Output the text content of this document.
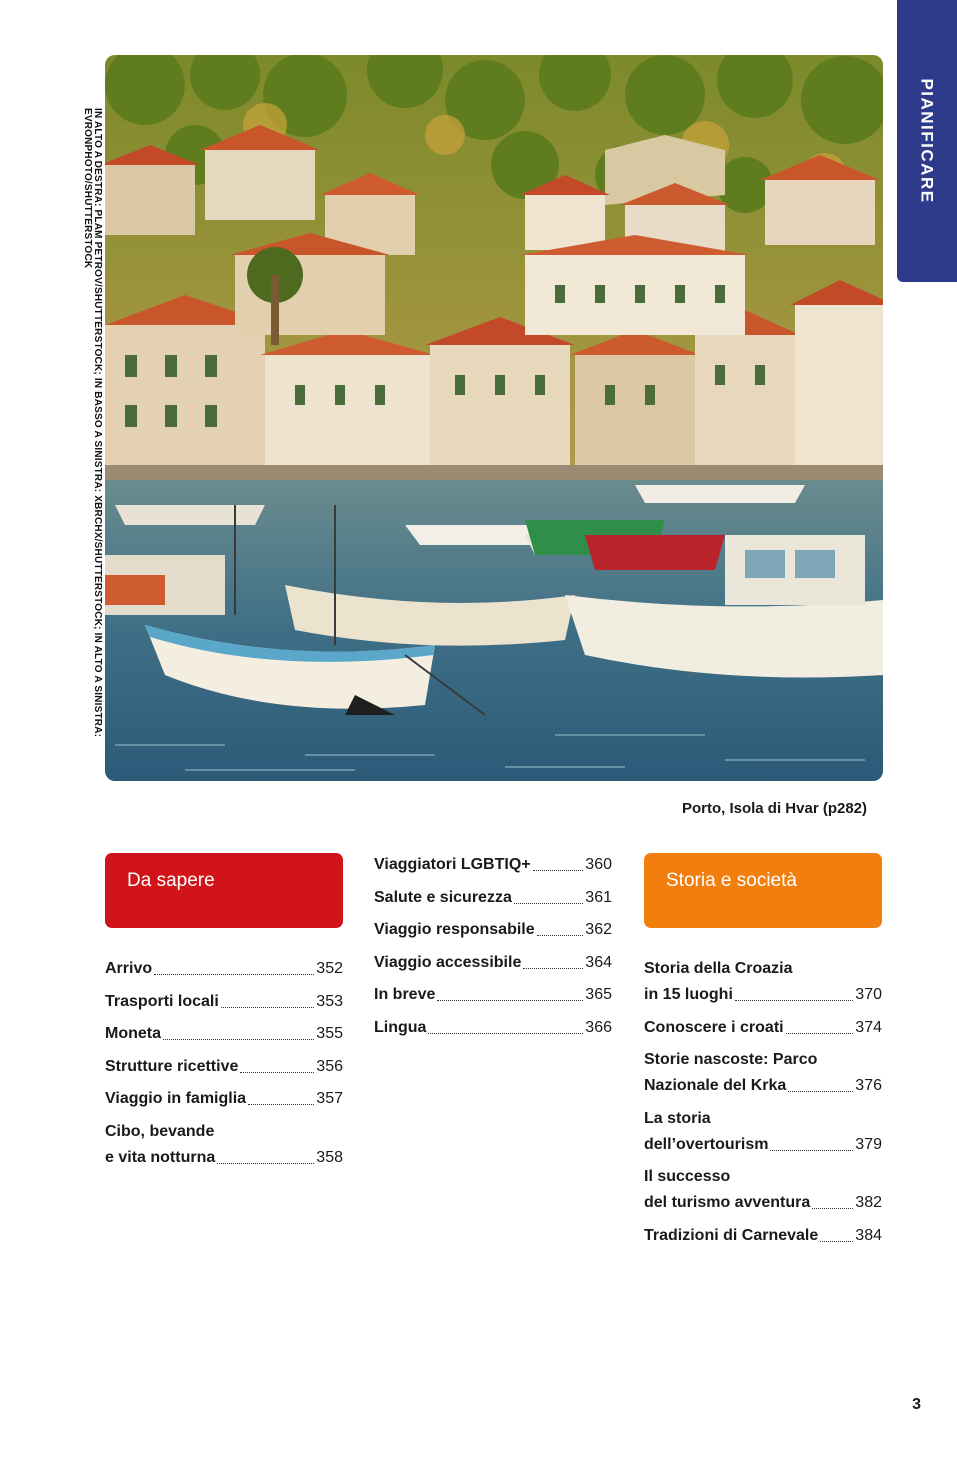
PIANIFICARE
IN ALTO A DESTRA: PLAM PETROV/SHUTTERSTOCK; IN BASSO A SINISTRA: XBRCHX/SHUTTERSTOCK; IN ALTO A SINISTRA:
EVRONPHOTO/SHUTTERSTOCK
Porto, Isola di Hvar (p282)
Da sapere
Arrivo	352
Trasporti locali	353
Moneta	355
Strutture ricettive	356
Viaggio in famiglia	357
Cibo, bevande
e vita notturna	358
Viaggiatori LGBTIQ+	360
Salute e sicurezza	361
Viaggio responsabile	362
Viaggio accessibile	364
In breve	365
Lingua	366
Storia e società
Storia della Croazia
in 15 luoghi	370
Conoscere i croati	374
Storie nascoste: Parco
Nazionale del Krka	376
La storia
dell’overtourism	379
Il successo
del turismo avventura	382
Tradizioni di Carnevale 384
3
